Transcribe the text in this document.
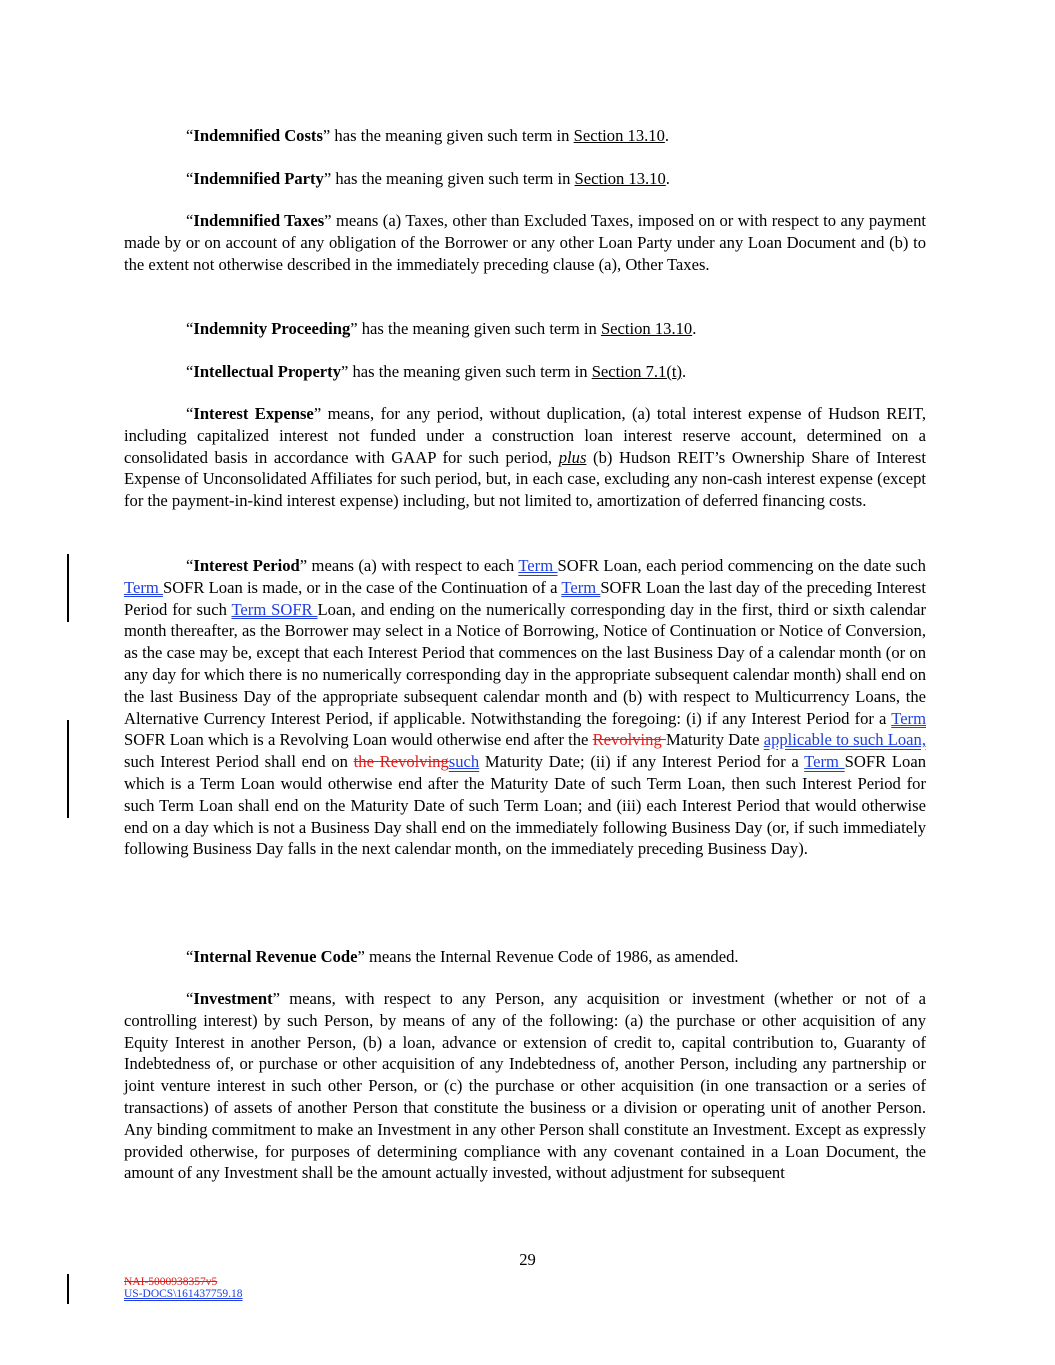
“Indemnified Costs” has the meaning given such term in Section 13.10.

“Indemnified Party” has the meaning given such term in Section 13.10.

“Indemnified Taxes” means (a) Taxes, other than Excluded Taxes, imposed on or with respect to any payment made by or on account of any obligation of the Borrower or any other Loan Party under any Loan Document and (b) to the extent not otherwise described in the immediately preceding clause (a), Other Taxes.

“Indemnity Proceeding” has the meaning given such term in Section 13.10.

“Intellectual Property” has the meaning given such term in Section 7.1(t).

“Interest Expense” means, for any period, without duplication, (a) total interest expense of Hudson REIT, including capitalized interest not funded under a construction loan interest reserve account, determined on a consolidated basis in accordance with GAAP for such period, plus (b) Hudson REIT’s Ownership Share of Interest Expense of Unconsolidated Affiliates for such period, but, in each case, excluding any non-cash interest expense (except for the payment-in-kind interest expense) including, but not limited to, amortization of deferred financing costs.

“Interest Period” means (a) with respect to each Term SOFR Loan, each period commencing on the date such Term SOFR Loan is made, or in the case of the Continuation of a Term SOFR Loan the last day of the preceding Interest Period for such Term SOFR Loan, and ending on the numerically corresponding day in the first, third or sixth calendar month thereafter, as the Borrower may select in a Notice of Borrowing, Notice of Continuation or Notice of Conversion, as the case may be, except that each Interest Period that commences on the last Business Day of a calendar month (or on any day for which there is no numerically corresponding day in the appropriate subsequent calendar month) shall end on the last Business Day of the appropriate subsequent calendar month and (b) with respect to Multicurrency Loans, the Alternative Currency Interest Period, if applicable. Notwithstanding the foregoing: (i) if any Interest Period for a Term SOFR Loan which is a Revolving Loan would otherwise end after the Revolving Maturity Date applicable to such Loan, such Interest Period shall end on the Revolvingsuch Maturity Date; (ii) if any Interest Period for a Term SOFR Loan which is a Term Loan would otherwise end after the Maturity Date of such Term Loan, then such Interest Period for such Term Loan shall end on the Maturity Date of such Term Loan; and (iii) each Interest Period that would otherwise end on a day which is not a Business Day shall end on the immediately following Business Day (or, if such immediately following Business Day falls in the next calendar month, on the immediately preceding Business Day).

“Internal Revenue Code” means the Internal Revenue Code of 1986, as amended.

“Investment” means, with respect to any Person, any acquisition or investment (whether or not of a controlling interest) by such Person, by means of any of the following: (a) the purchase or other acquisition of any Equity Interest in another Person, (b) a loan, advance or extension of credit to, capital contribution to, Guaranty of Indebtedness of, or purchase or other acquisition of any Indebtedness of, another Person, including any partnership or joint venture interest in such other Person, or (c) the purchase or other acquisition (in one transaction or a series of transactions) of assets of another Person that constitute the business or a division or operating unit of another Person. Any binding commitment to make an Investment in any other Person shall constitute an Investment. Except as expressly provided otherwise, for purposes of determining compliance with any covenant contained in a Loan Document, the amount of any Investment shall be the amount actually invested, without adjustment for subsequent

29
NAI-5000938357v5
US-DOCS\161437759.18
